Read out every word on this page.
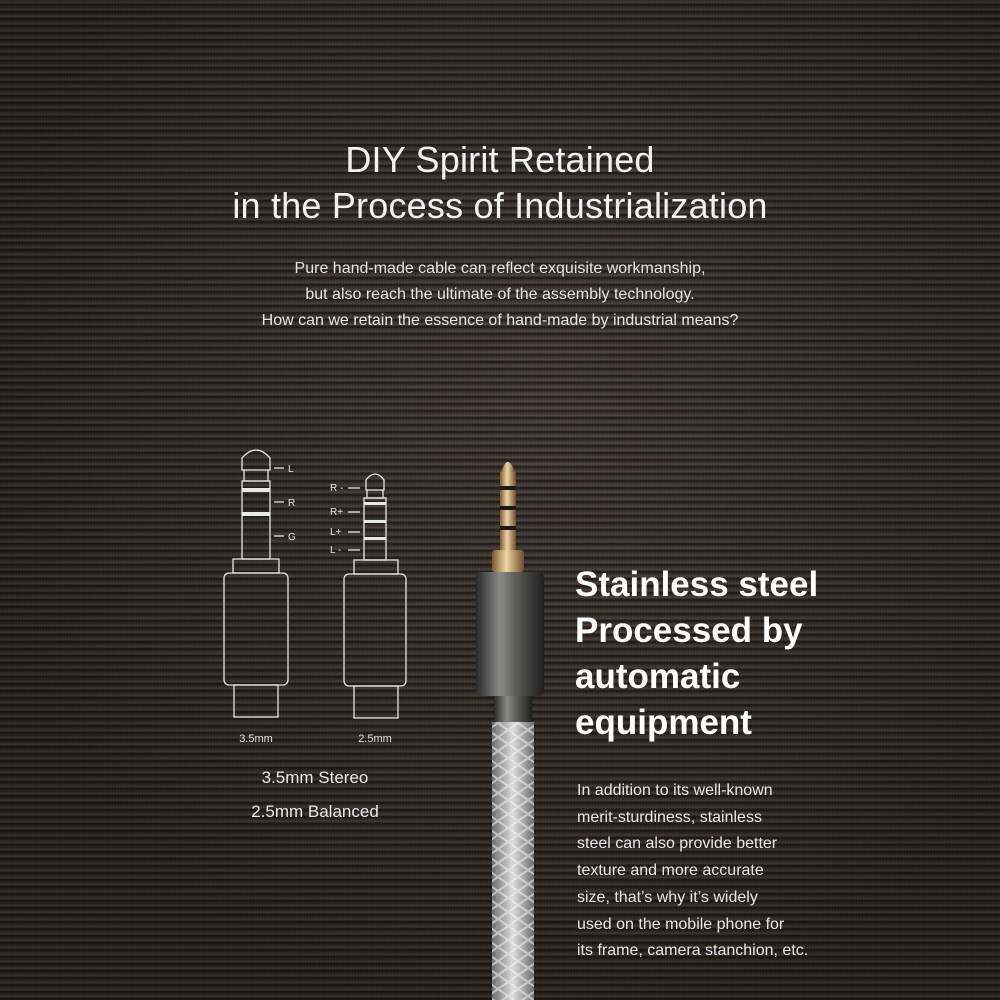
DIY Spirit Retained
in the Process of Industrialization

Pure hand-made cable can reflect exquisite workmanship,
but also reach the ultimate of the assembly technology.
How can we retain the essence of hand-made by industrial means?

L
R
G
R -
R+
L+
L -
3.5mm	2.5mm
3.5mm Stereo
2.5mm Balanced
Stainless steel
Processed by
automatic
equipment

In addition to its well-known
merit-sturdiness, stainless
steel can also provide better
texture and more accurate
size, that’s why it’s widely
used on the mobile phone for
its frame, camera stanchion, etc.
